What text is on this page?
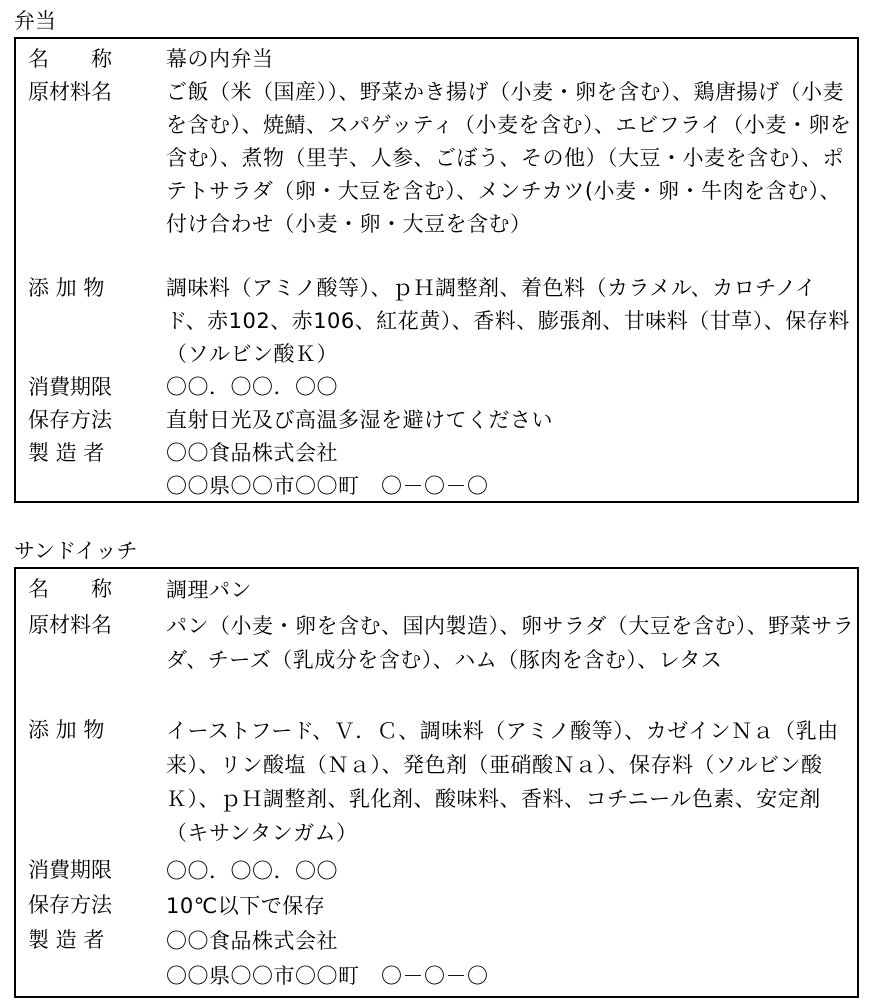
弁当
名　　称	幕の内弁当
原材料名	ご飯（米（国産））、野菜かき揚げ（小麦・卵を含む）、鶏唐揚げ（小麦を含む）、焼鯖、スパゲッティ（小麦を含む）、エビフライ（小麦・卵を含む）、煮物（里芋、人参、ごぼう、その他）（大豆・小麦を含む）、ポテトサラダ（卵・大豆を含む）、メンチカツ(小麦・卵・牛肉を含む）、付け合わせ（小麦・卵・大豆を含む）
添 加 物	調味料（アミノ酸等）、ｐＨ調整剤、着色料（カラメル、カロチノイド、赤102、赤106、紅花黄）、香料、膨張剤、甘味料（甘草）、保存料（ソルビン酸Ｋ）
消費期限	〇〇．〇〇．〇〇
保存方法	直射日光及び高温多湿を避けてください
製 造 者	〇〇食品株式会社
〇〇県〇〇市〇〇町　〇－〇－〇
サンドイッチ
名　　称	調理パン
原材料名	パン（小麦・卵を含む、国内製造）、卵サラダ（大豆を含む）、野菜サラダ、チーズ（乳成分を含む）、ハム（豚肉を含む）、レタス
添 加 物	イーストフード、Ｖ．Ｃ、調味料（アミノ酸等）、カゼインＮａ（乳由来）、リン酸塩（Ｎａ）、発色剤（亜硝酸Ｎａ）、保存料（ソルビン酸Ｋ）、ｐＨ調整剤、乳化剤、酸味料、香料、コチニール色素、安定剤（キサンタンガム）
消費期限	〇〇．〇〇．〇〇
保存方法	10℃以下で保存
製 造 者	〇〇食品株式会社
〇〇県〇〇市〇〇町　〇－〇－〇
